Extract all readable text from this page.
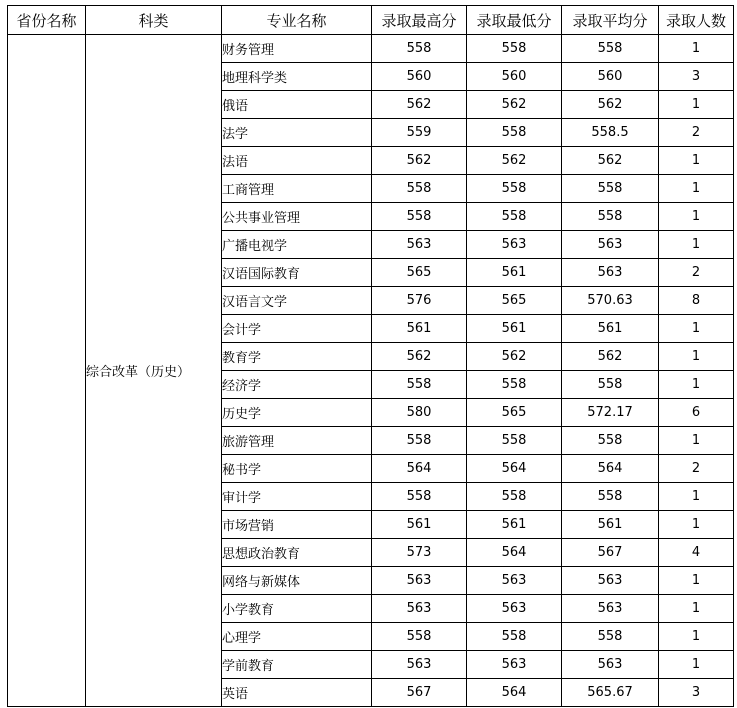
省份名称	科类	专业名称	录取最高分	录取最低分	录取平均分	录取人数
	综合改革（历史）	财务管理	558	558	558	1
		地理科学类	560	560	560	3
		俄语	562	562	562	1
		法学	559	558	558.5	2
		法语	562	562	562	1
		工商管理	558	558	558	1
		公共事业管理	558	558	558	1
		广播电视学	563	563	563	1
		汉语国际教育	565	561	563	2
		汉语言文学	576	565	570.63	8
		会计学	561	561	561	1
		教育学	562	562	562	1
		经济学	558	558	558	1
		历史学	580	565	572.17	6
		旅游管理	558	558	558	1
		秘书学	564	564	564	2
		审计学	558	558	558	1
		市场营销	561	561	561	1
		思想政治教育	573	564	567	4
		网络与新媒体	563	563	563	1
		小学教育	563	563	563	1
		心理学	558	558	558	1
		学前教育	563	563	563	1
		英语	567	564	565.67	3
